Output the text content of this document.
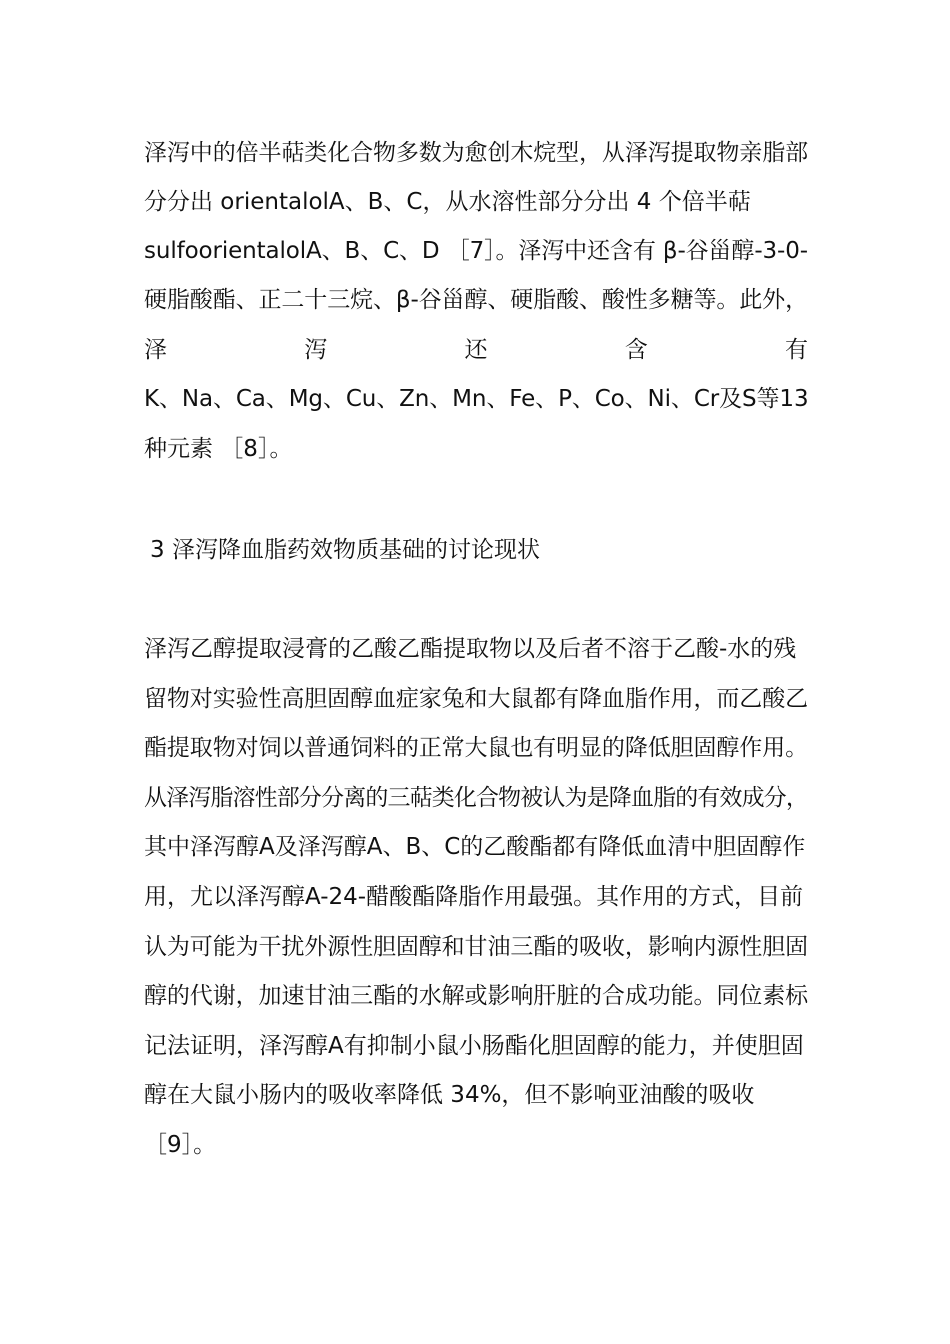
泽泻中的倍半萜类化合物多数为愈创木烷型，从泽泻提取物亲脂部
分分出 orientalolA、B、C，从水溶性部分分出 4 个倍半萜
sulfoorientalolA、B、C、D ［7］。泽泻中还含有 β-谷甾醇-3-0-
硬脂酸酯、正二十三烷、β-谷甾醇、硬脂酸、酸性多糖等。此外，
泽	泻	还	含	有
K、Na、Ca、Mg、Cu、Zn、Mn、Fe、P、Co、Ni、Cr及S等13
种元素 ［8］。
3 泽泻降血脂药效物质基础的讨论现状
泽泻乙醇提取浸膏的乙酸乙酯提取物以及后者不溶于乙酸-水的残
留物对实验性高胆固醇血症家兔和大鼠都有降血脂作用，而乙酸乙
酯提取物对饲以普通饲料的正常大鼠也有明显的降低胆固醇作用。
从泽泻脂溶性部分分离的三萜类化合物被认为是降血脂的有效成分，
其中泽泻醇A及泽泻醇A、B、C的乙酸酯都有降低血清中胆固醇作
用，尤以泽泻醇A-24-醋酸酯降脂作用最强。其作用的方式，目前
认为可能为干扰外源性胆固醇和甘油三酯的吸收，影响内源性胆固
醇的代谢，加速甘油三酯的水解或影响肝脏的合成功能。同位素标
记法证明，泽泻醇A有抑制小鼠小肠酯化胆固醇的能力，并使胆固
醇在大鼠小肠内的吸收率降低 34%，但不影响亚油酸的吸收
［9］。
